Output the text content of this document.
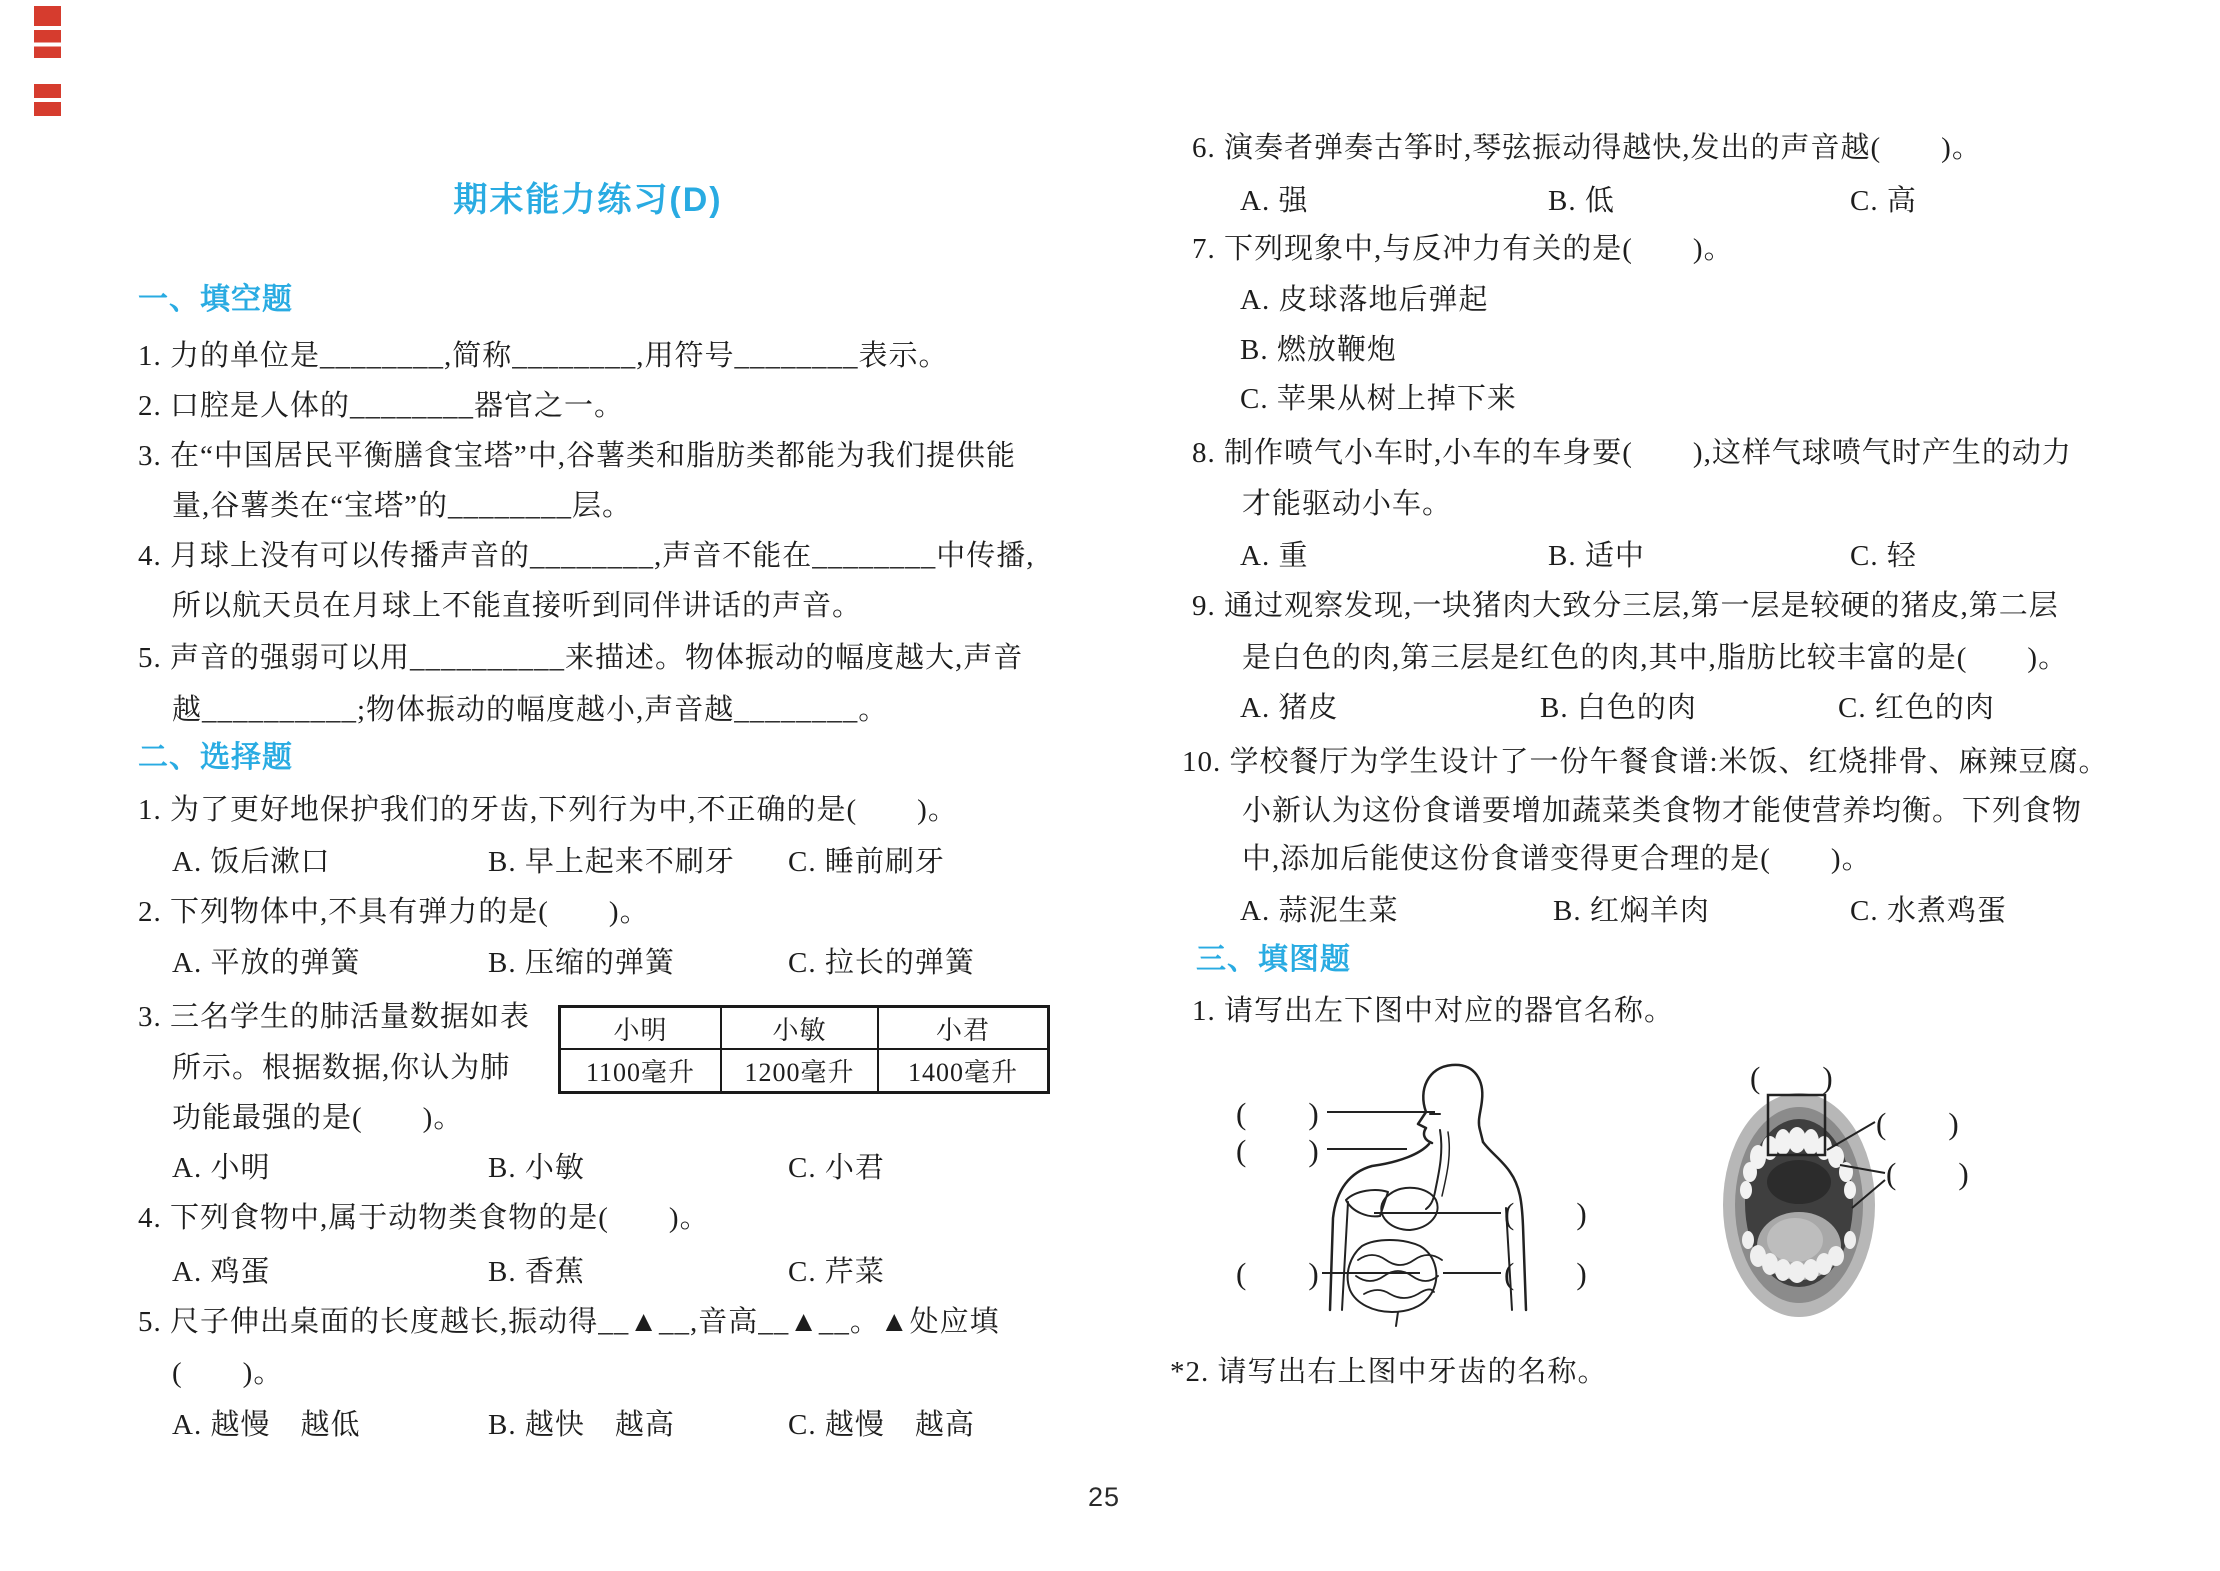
期末能力练习(D)
一、填空题
1. 力的单位是________,简称________,用符号________表示。
2. 口腔是人体的________器官之一。
3. 在“中国居民平衡膳食宝塔”中,谷薯类和脂肪类都能为我们提供能
量,谷薯类在“宝塔”的________层。
4. 月球上没有可以传播声音的________,声音不能在________中传播,
所以航天员在月球上不能直接听到同伴讲话的声音。
5. 声音的强弱可以用__________来描述。物体振动的幅度越大,声音
越__________;物体振动的幅度越小,声音越________。
二、选择题
1. 为了更好地保护我们的牙齿,下列行为中,不正确的是(　　)。
A. 饭后漱口	B. 早上起来不刷牙 C. 睡前刷牙
2. 下列物体中,不具有弹力的是(　　)。
A. 平放的弹簧	B. 压缩的弹簧	C. 拉长的弹簧
3. 三名学生的肺活量数据如表
所示。根据数据,你认为肺
功能最强的是(　　)。
小明	小敏	小君
1100毫升	1200毫升	1400毫升
A. 小明	B. 小敏	C. 小君
4. 下列食物中,属于动物类食物的是(　　)。
A. 鸡蛋	B. 香蕉	C. 芹菜
5. 尺子伸出桌面的长度越长,振动得__▲__,音高__▲__。▲处应填
(　　)。
A. 越慢　越低	B. 越快　越高	C. 越慢　越高
6. 演奏者弹奏古筝时,琴弦振动得越快,发出的声音越(　　)。
A. 强	B. 低	C. 高
7. 下列现象中,与反冲力有关的是(　　)。
A. 皮球落地后弹起
B. 燃放鞭炮
C. 苹果从树上掉下来
8. 制作喷气小车时,小车的车身要(　　),这样气球喷气时产生的动力
才能驱动小车。
A. 重	B. 适中	C. 轻
9. 通过观察发现,一块猪肉大致分三层,第一层是较硬的猪皮,第二层
是白色的肉,第三层是红色的肉,其中,脂肪比较丰富的是(　　)。
A. 猪皮	B. 白色的肉	C. 红色的肉
10. 学校餐厅为学生设计了一份午餐食谱:米饭、红烧排骨、麻辣豆腐。
小新认为这份食谱要增加蔬菜类食物才能使营养均衡。下列食物
中,添加后能使这份食谱变得更合理的是(　　)。
A. 蒜泥生菜	B. 红焖羊肉	C. 水煮鸡蛋
三、填图题
1. 请写出左下图中对应的器官名称。
(　　)
(　　)
(　　)
(　　)	(　　)
(　　)
(　　)
(　　)
*2. 请写出右上图中牙齿的名称。
25
